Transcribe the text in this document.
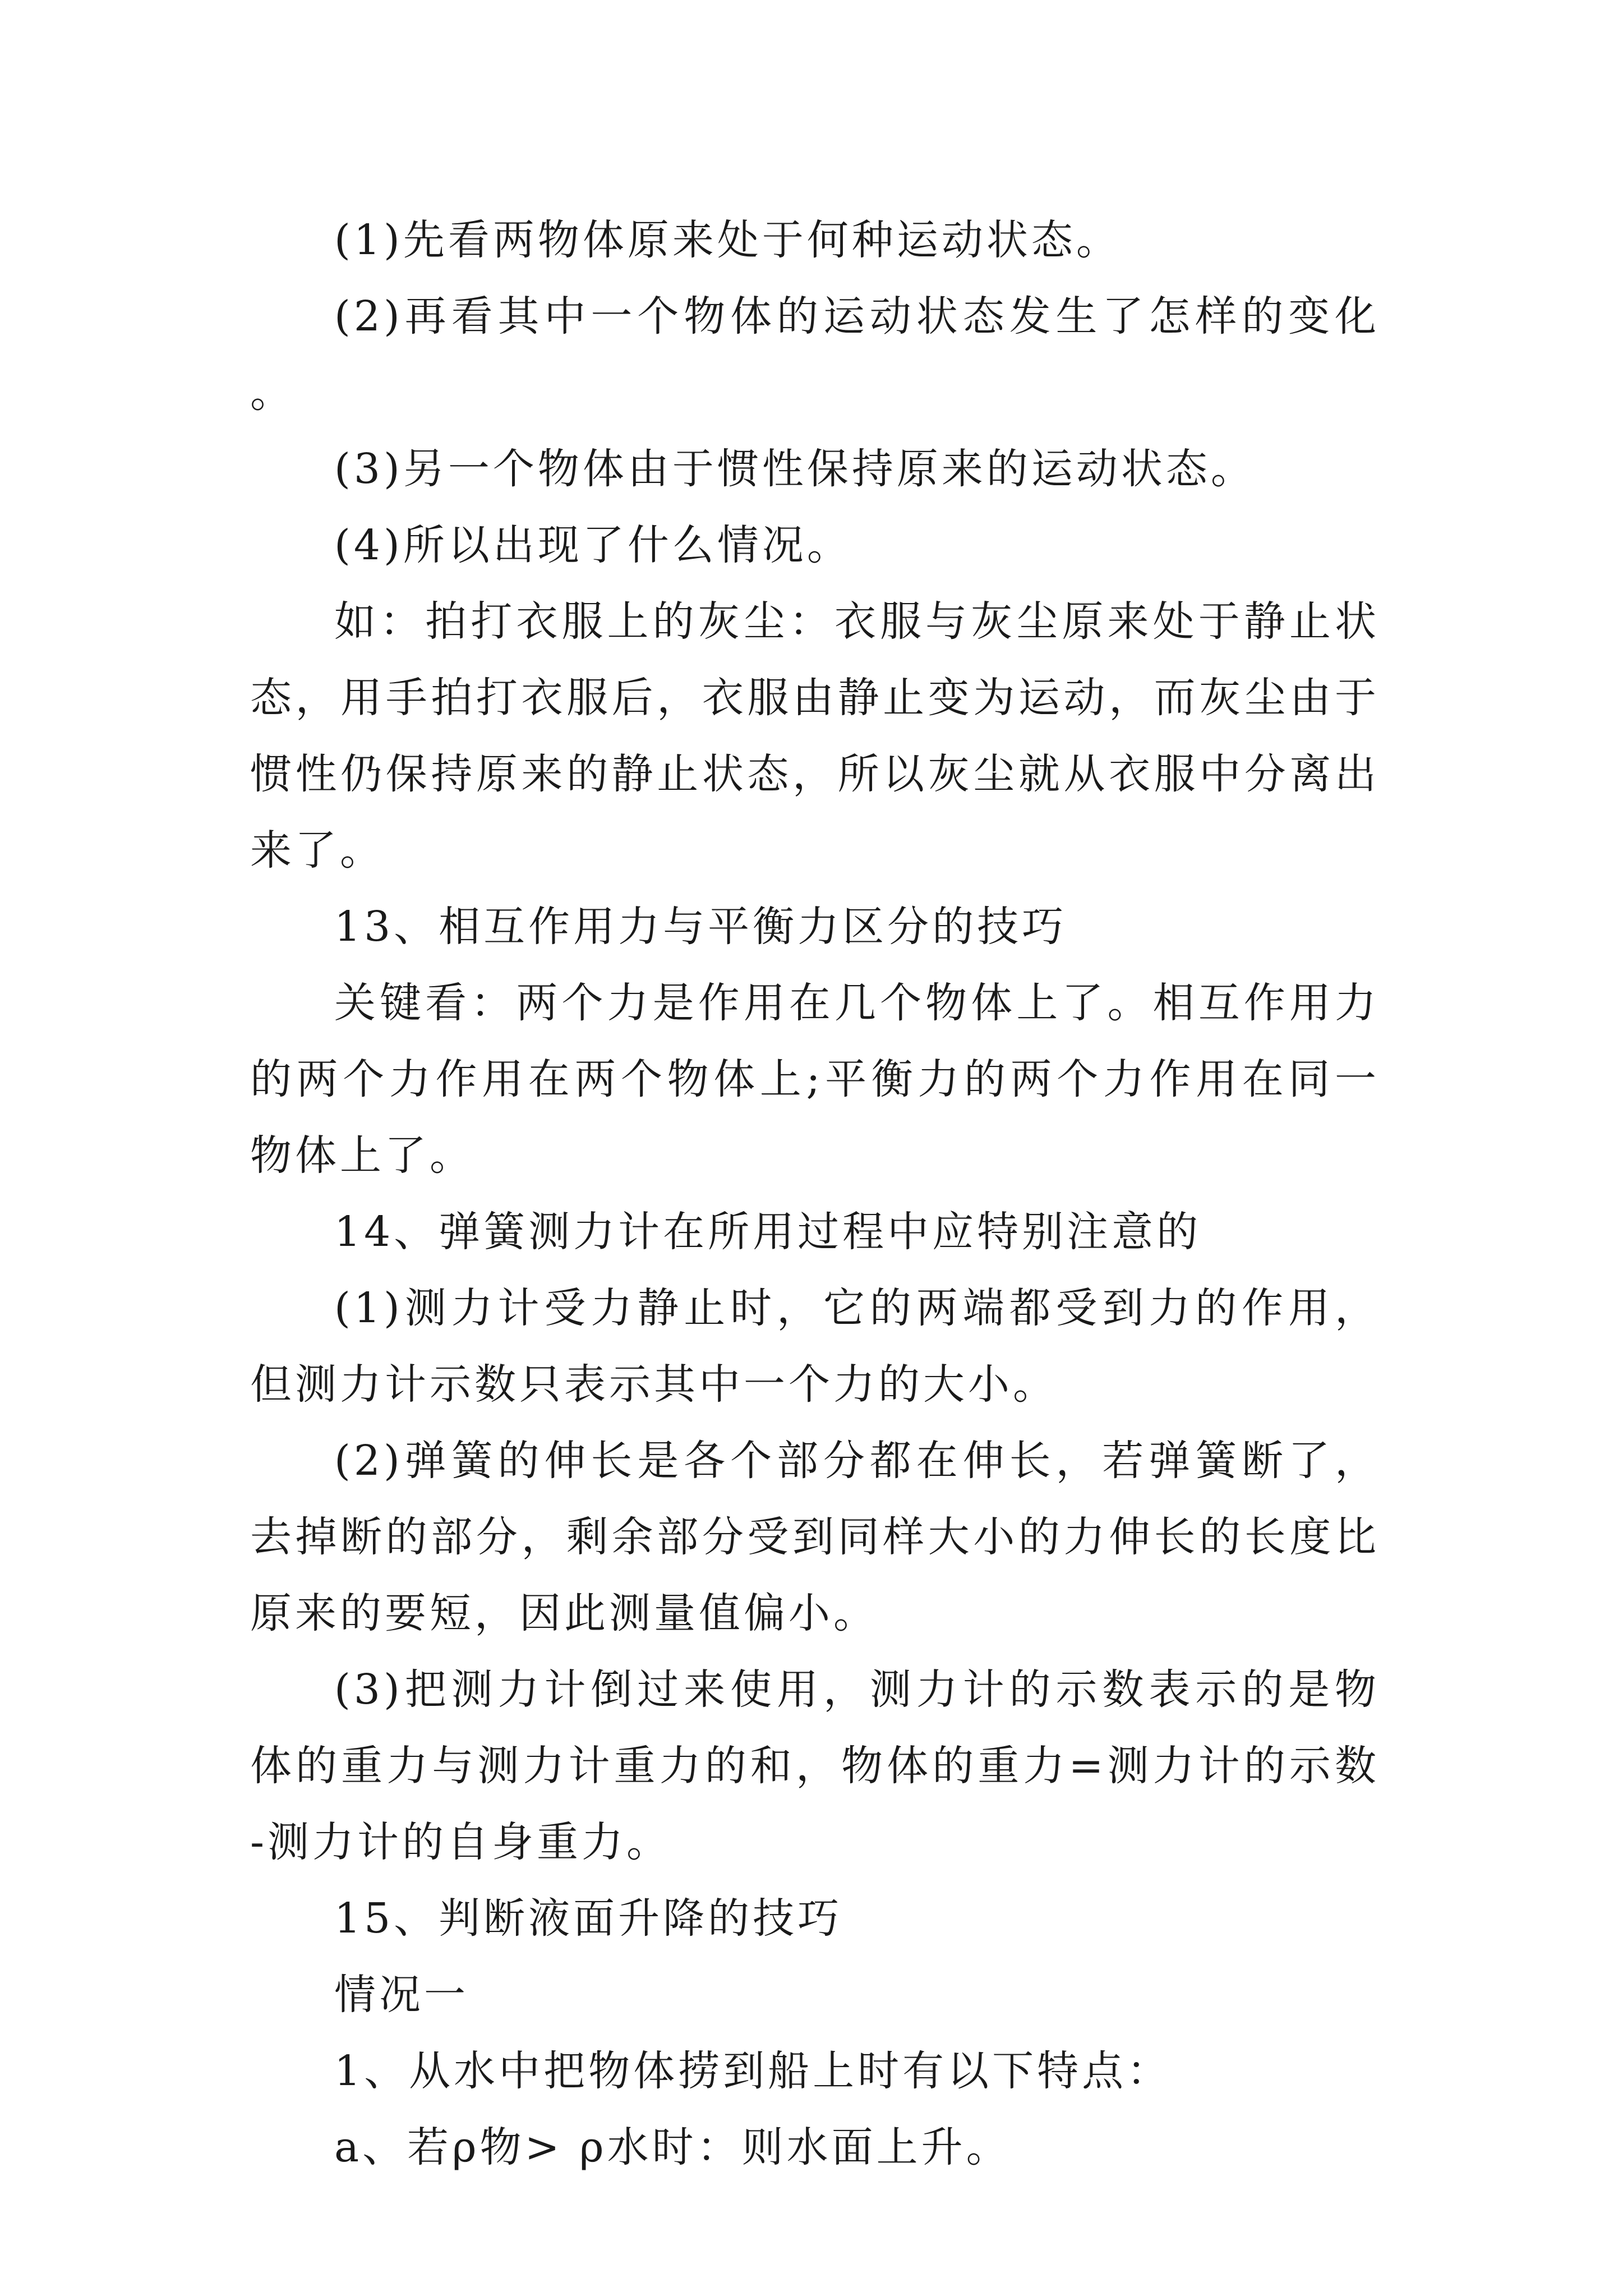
(1)先看两物体原来处于何种运动状态。

(2)再看其中一个物体的运动状态发生了怎样的变化。

(3)另一个物体由于惯性保持原来的运动状态。

(4)所以出现了什么情况。

如：拍打衣服上的灰尘：衣服与灰尘原来处于静止状态，用手拍打衣服后，衣服由静止变为运动，而灰尘由于惯性仍保持原来的静止状态，所以灰尘就从衣服中分离出来了。

13、相互作用力与平衡力区分的技巧

关键看：两个力是作用在几个物体上了。相互作用力的两个力作用在两个物体上;平衡力的两个力作用在同一物体上了。

14、弹簧测力计在所用过程中应特别注意的

(1)测力计受力静止时，它的两端都受到力的作用，但测力计示数只表示其中一个力的大小。

(2)弹簧的伸长是各个部分都在伸长，若弹簧断了，去掉断的部分，剩余部分受到同样大小的力伸长的长度比原来的要短，因此测量值偏小。

(3)把测力计倒过来使用，测力计的示数表示的是物体的重力与测力计重力的和，物体的重力=测力计的示数-测力计的自身重力。

15、判断液面升降的技巧

情况一

1、从水中把物体捞到船上时有以下特点：

a、若ρ物> ρ水时：则水面上升。
